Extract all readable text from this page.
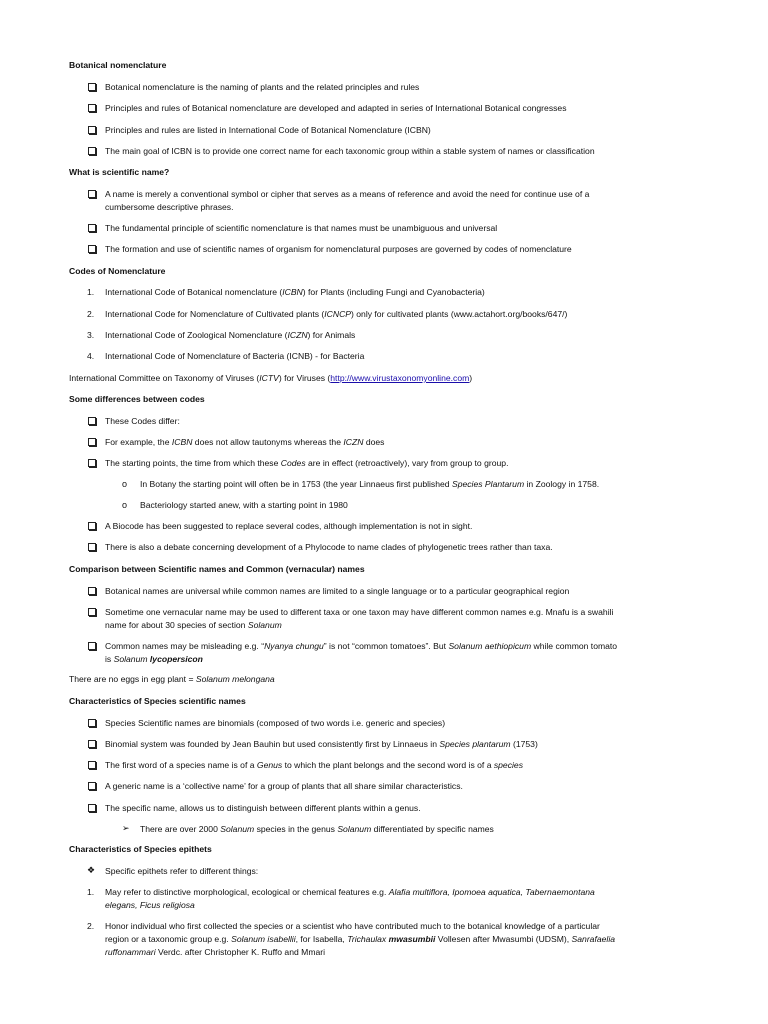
Botanical nomenclature
Botanical nomenclature is the naming of plants and the related principles and rules
Principles and rules of Botanical nomenclature are developed and adapted in series of International Botanical congresses
Principles and rules are listed in International Code of Botanical Nomenclature (ICBN)
The main goal of ICBN is to provide one correct name for each taxonomic group within a stable system of names or classification
What is scientific name?
A name is merely a conventional symbol or cipher that serves as a means of reference and avoid the need for continue use of a
cumbersome descriptive phrases.
The fundamental principle of scientific nomenclature is that names must be unambiguous and universal
The formation and use of scientific names of organism for nomenclatural purposes are governed by codes of nomenclature
Codes of Nomenclature
1. International Code of Botanical nomenclature (ICBN) for Plants (including Fungi and Cyanobacteria)
2. International Code for Nomenclature of Cultivated plants (ICNCP) only for cultivated plants (www.actahort.org/books/647/)
3. International Code of Zoological Nomenclature (ICZN) for Animals
4. International Code of Nomenclature of Bacteria (ICNB) - for Bacteria
International Committee on Taxonomy of Viruses (ICTV) for Viruses (http://www.virustaxonomyonline.com)
Some differences between codes
These Codes differ:
For example, the ICBN does not allow tautonyms whereas the ICZN does
The starting points, the time from which these Codes are in effect (retroactively), vary from group to group.
o In Botany the starting point will often be in 1753 (the year Linnaeus first published Species Plantarum in Zoology in 1758.
o Bacteriology started anew, with a starting point in 1980
A Biocode has been suggested to replace several codes, although implementation is not in sight.
There is also a debate concerning development of a Phylocode to name clades of phylogenetic trees rather than taxa.
Comparison between Scientific names and Common (vernacular) names
Botanical names are universal while common names are limited to a single language or to a particular geographical region
Sometime one vernacular name may be used to different taxa or one taxon may have different common names e.g. Mnafu is a swahili
name for about 30 species of section Solanum
Common names may be misleading e.g. “Nyanya chungu” is not “common tomatoes”. But Solanum aethiopicum while common tomato
is Solanum lycopersicon
There are no eggs in egg plant = Solanum melongana
Characteristics of Species scientific names
Species Scientific names are binomials (composed of two words i.e. generic and species)
Binomial system was founded by Jean Bauhin but used consistently first by Linnaeus in Species plantarum (1753)
The first word of a species name is of a Genus to which the plant belongs and the second word is of a species
A generic name is a ‘collective name’ for a group of plants that all share similar characteristics.
The specific name, allows us to distinguish between different plants within a genus.
➢ There are over 2000 Solanum species in the genus Solanum differentiated by specific names
Characteristics of Species epithets
❖ Specific epithets refer to different things:
1. May refer to distinctive morphological, ecological or chemical features e.g. Alafia multiflora, Ipomoea aquatica, Tabernaemontana
elegans, Ficus religiosa
2. Honor individual who first collected the species or a scientist who have contributed much to the botanical knowledge of a particular
region or a taxonomic group e.g. Solanum isabellii, for Isabella, Trichaulax mwasumbii Vollesen after Mwasumbi (UDSM), Sanrafaelia
ruffonammari Verdc. after Christopher K. Ruffo and Mmari
